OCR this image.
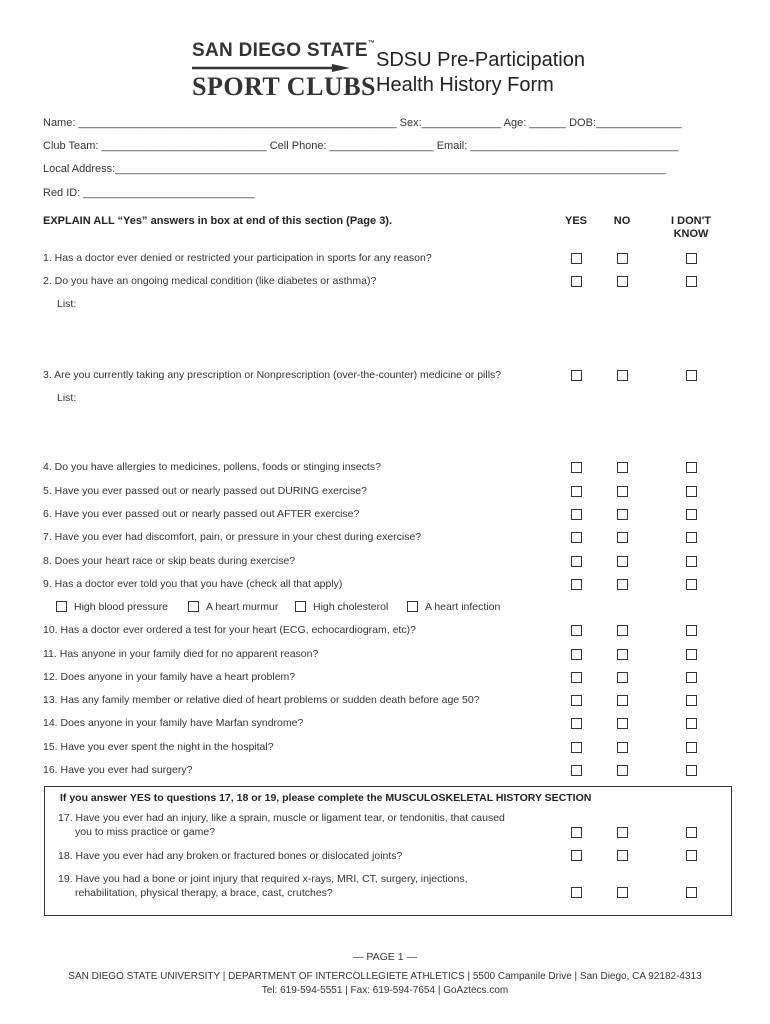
SAN DIEGO STATE™
SPORT CLUBS
SDSU Pre-Participation
Health History Form
Name: ____________________________________________________ Sex:_____________ Age: ______ DOB:______________
Club Team: ___________________________ Cell Phone: _________________ Email: __________________________________
Local Address:__________________________________________________________________________________________
Red ID: ____________________________
EXPLAIN ALL “Yes” answers in box at end of this section (Page 3).	YES	NO	I DON'T
KNOW
1. Has a doctor ever denied or restricted your participation in sports for any reason?
2. Do you have an ongoing medical condition (like diabetes or asthma)?
List:
3. Are you currently taking any prescription or Nonprescription (over-the-counter) medicine or pills?
List:
4. Do you have allergies to medicines, pollens, foods or stinging insects?
5. Have you ever passed out or nearly passed out DURING exercise?
6. Have you ever passed out or nearly passed out AFTER exercise?
7. Have you ever had discomfort, pain, or pressure in your chest during exercise?
8. Does your heart race or skip beats during exercise?
9. Has a doctor ever told you that you have (check all that apply)
High blood pressure	A heart murmur	High cholesterol	A heart infection
10. Has a doctor ever ordered a test for your heart (ECG, echocardiogram, etc)?
11. Has anyone in your family died for no apparent reason?
12. Does anyone in your family have a heart problem?
13. Has any family member or relative died of heart problems or sudden death before age 50?
14. Does anyone in your family have Marfan syndrome?
15. Have you ever spent the night in the hospital?
16. Have you ever had surgery?
If you answer YES to questions 17, 18 or 19, please complete the MUSCULOSKELETAL HISTORY SECTION
17. Have you ever had an injury, like a sprain, muscle or ligament tear, or tendonitis, that caused
you to miss practice or game?
18. Have you ever had any broken or fractured bones or dislocated joints?
19. Have you had a bone or joint injury that required x-rays, MRI, CT, surgery, injections,
rehabilitation, physical therapy, a brace, cast, crutches?
— PAGE 1 —
SAN DIEGO STATE UNIVERSITY | DEPARTMENT OF INTERCOLLEGIETE ATHLETICS | 5500 Campanile Drive | San Diego, CA 92182-4313
Tel: 619-594-5551 | Fax: 619-594-7654 | GoAztecs.com
